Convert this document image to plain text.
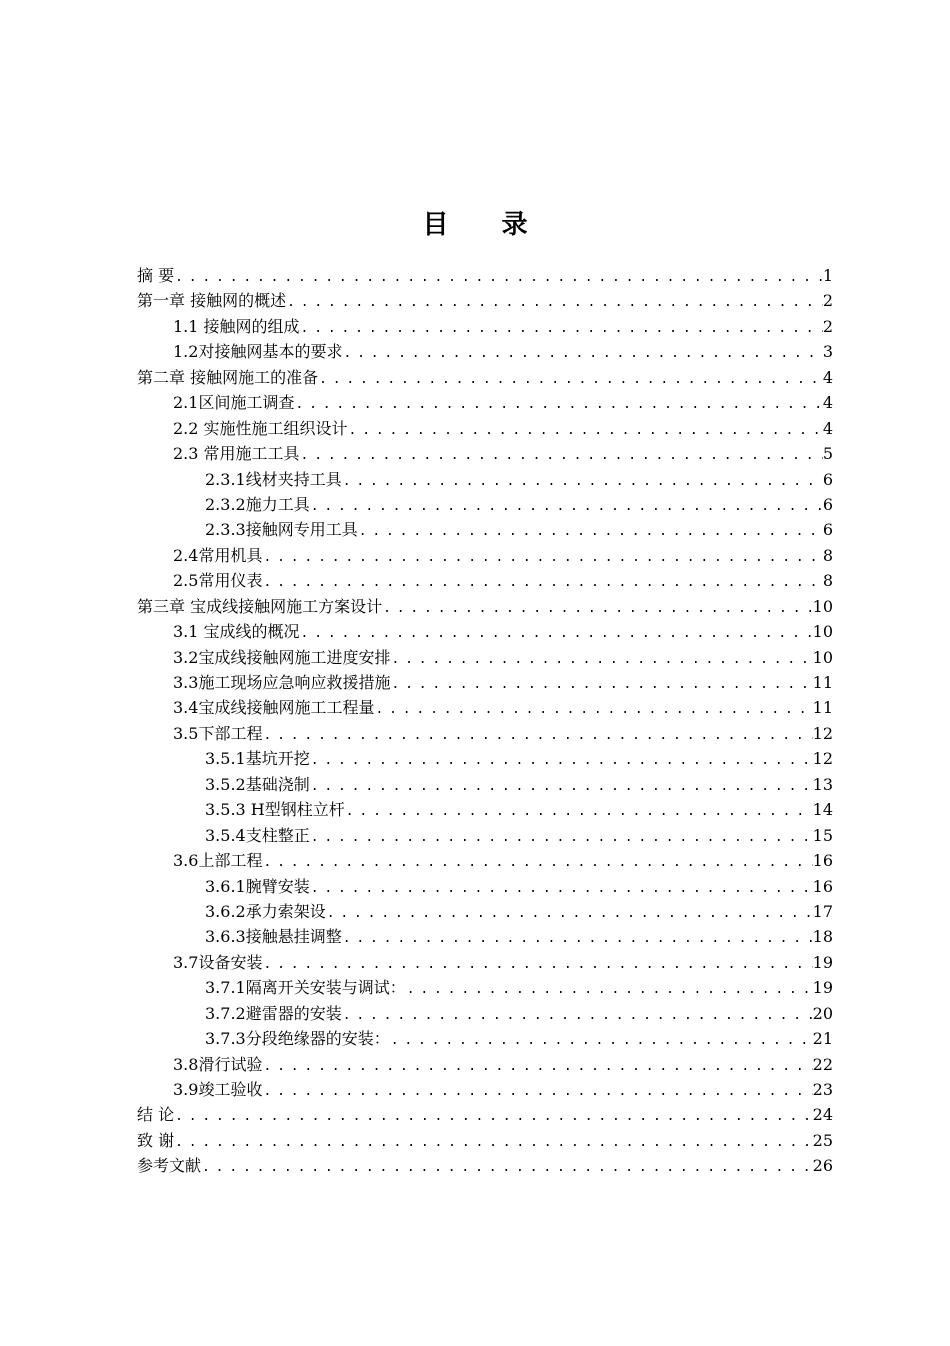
目 录
摘 要 . . .	1
第一章 接触网的概述 . . .	2
1.1 接触网的组成 . . .	2
1.2对接触网基本的要求 . . .	3
第二章 接触网施工的准备 . . .	4
2.1区间施工调查 . . .	4
2.2 实施性施工组织设计 . . .	4
2.3 常用施工工具 . . .	5
2.3.1线材夹持工具 . . .	6
2.3.2施力工具 . . .	6
2.3.3接触网专用工具 . . .	6
2.4常用机具 . . .	8
2.5常用仪表 . . .	8
第三章 宝成线接触网施工方案设计 . . .	10
3.1 宝成线的概况 . . .	10
3.2宝成线接触网施工进度安排 . . .	10
3.3施工现场应急响应救援措施 . . .	11
3.4宝成线接触网施工工程量 . . .	11
3.5下部工程 . . .	12
3.5.1基坑开挖 . . .	12
3.5.2基础浇制 . . .	13
3.5.3 H型钢柱立杆 . . .	14
3.5.4支柱整正 . . .	15
3.6上部工程 . . .	16
3.6.1腕臂安装 . . .	16
3.6.2承力索架设 . . .	17
3.6.3接触悬挂调整 . . .	18
3.7设备安装 . . .	19
3.7.1隔离开关安装与调试： . . .	19
3.7.2避雷器的安装 . . .	20
3.7.3分段绝缘器的安装： . . .	21
3.8滑行试验 . . .	22
3.9竣工验收 . . .	23
结 论 . . .	24
致 谢 . . .	25
参考文献 . . .	26
